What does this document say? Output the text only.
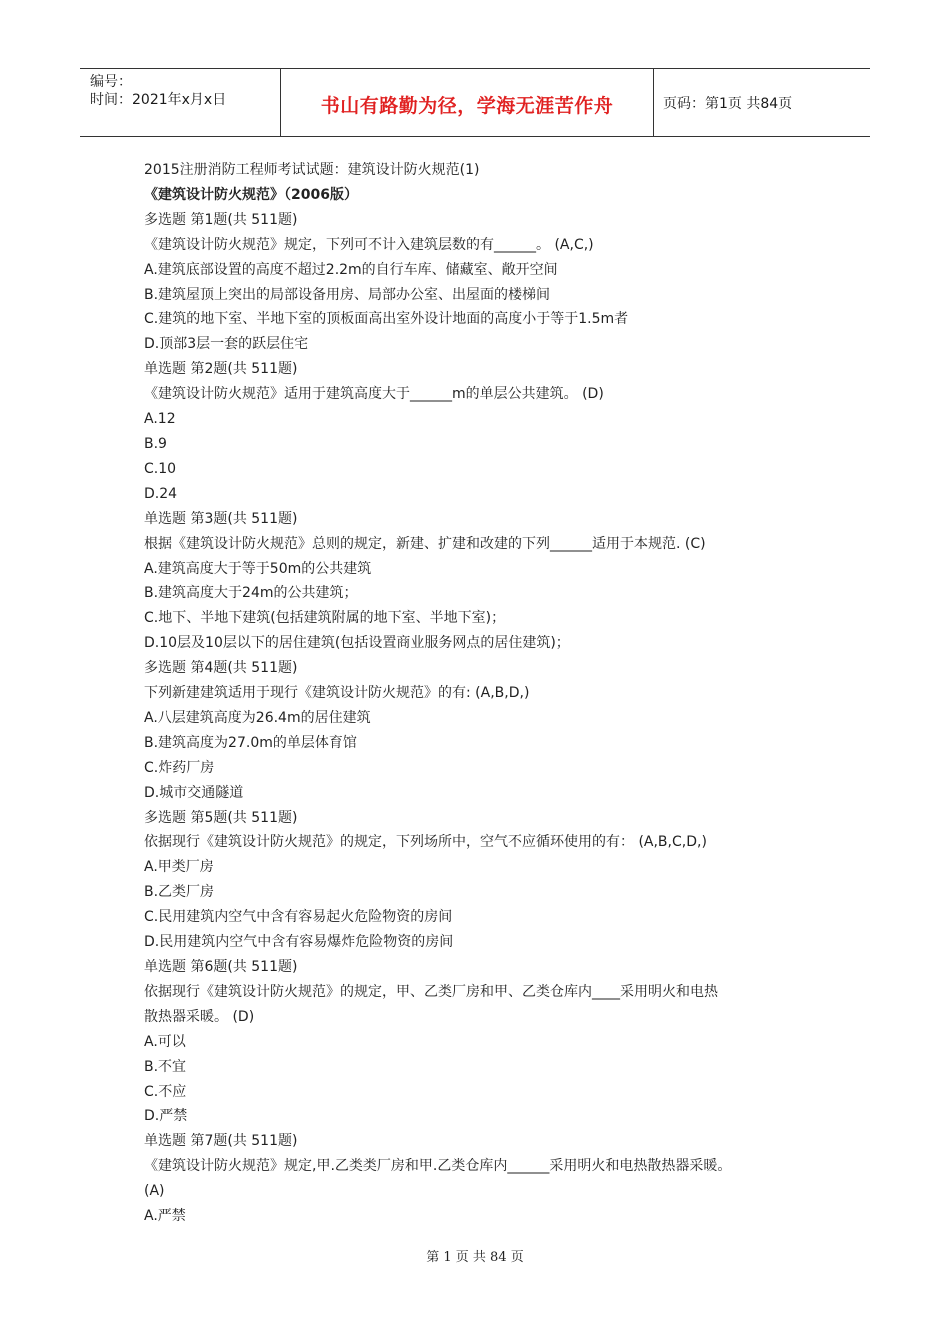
编号：
时间：2021年x月x日	书山有路勤为径，学海无涯苦作舟	页码：第1页 共84页
2015注册消防工程师考试试题：建筑设计防火规范(1)
《建筑设计防火规范》（2006版）
多选题 第1题(共 511题)
《建筑设计防火规范》规定，下列可不计入建筑层数的有______。 (A,C,)
A.建筑底部设置的高度不超过2.2m的自行车库、储藏室、敞开空间
B.建筑屋顶上突出的局部设备用房、局部办公室、出屋面的楼梯间
C.建筑的地下室、半地下室的顶板面高出室外设计地面的高度小于等于1.5m者
D.顶部3层一套的跃层住宅
单选题 第2题(共 511题)
《建筑设计防火规范》适用于建筑高度大于______m的单层公共建筑。 (D)
A.12
B.9
C.10
D.24
单选题 第3题(共 511题)
根据《建筑设计防火规范》总则的规定，新建、扩建和改建的下列______适用于本规范. (C)
A.建筑高度大于等于50m的公共建筑
B.建筑高度大于24m的公共建筑；
C.地下、半地下建筑(包括建筑附属的地下室、半地下室)；
D.10层及10层以下的居住建筑(包括设置商业服务网点的居住建筑)；
多选题 第4题(共 511题)
下列新建建筑适用于现行《建筑设计防火规范》的有: (A,B,D,)
A.八层建筑高度为26.4m的居住建筑
B.建筑高度为27.0m的单层体育馆
C.炸药厂房
D.城市交通隧道
多选题 第5题(共 511题)
依据现行《建筑设计防火规范》的规定，下列场所中，空气不应循环使用的有： (A,B,C,D,)
A.甲类厂房
B.乙类厂房
C.民用建筑内空气中含有容易起火危险物资的房间
D.民用建筑内空气中含有容易爆炸危险物资的房间
单选题 第6题(共 511题)
依据现行《建筑设计防火规范》的规定，甲、乙类厂房和甲、乙类仓库内____采用明火和电热
散热器采暖。 (D)
A.可以
B.不宜
C.不应
D.严禁
单选题 第7题(共 511题)
《建筑设计防火规范》规定,甲.乙类类厂房和甲.乙类仓库内______采用明火和电热散热器采暖。
(A)
A.严禁
第 1 页 共 84 页
